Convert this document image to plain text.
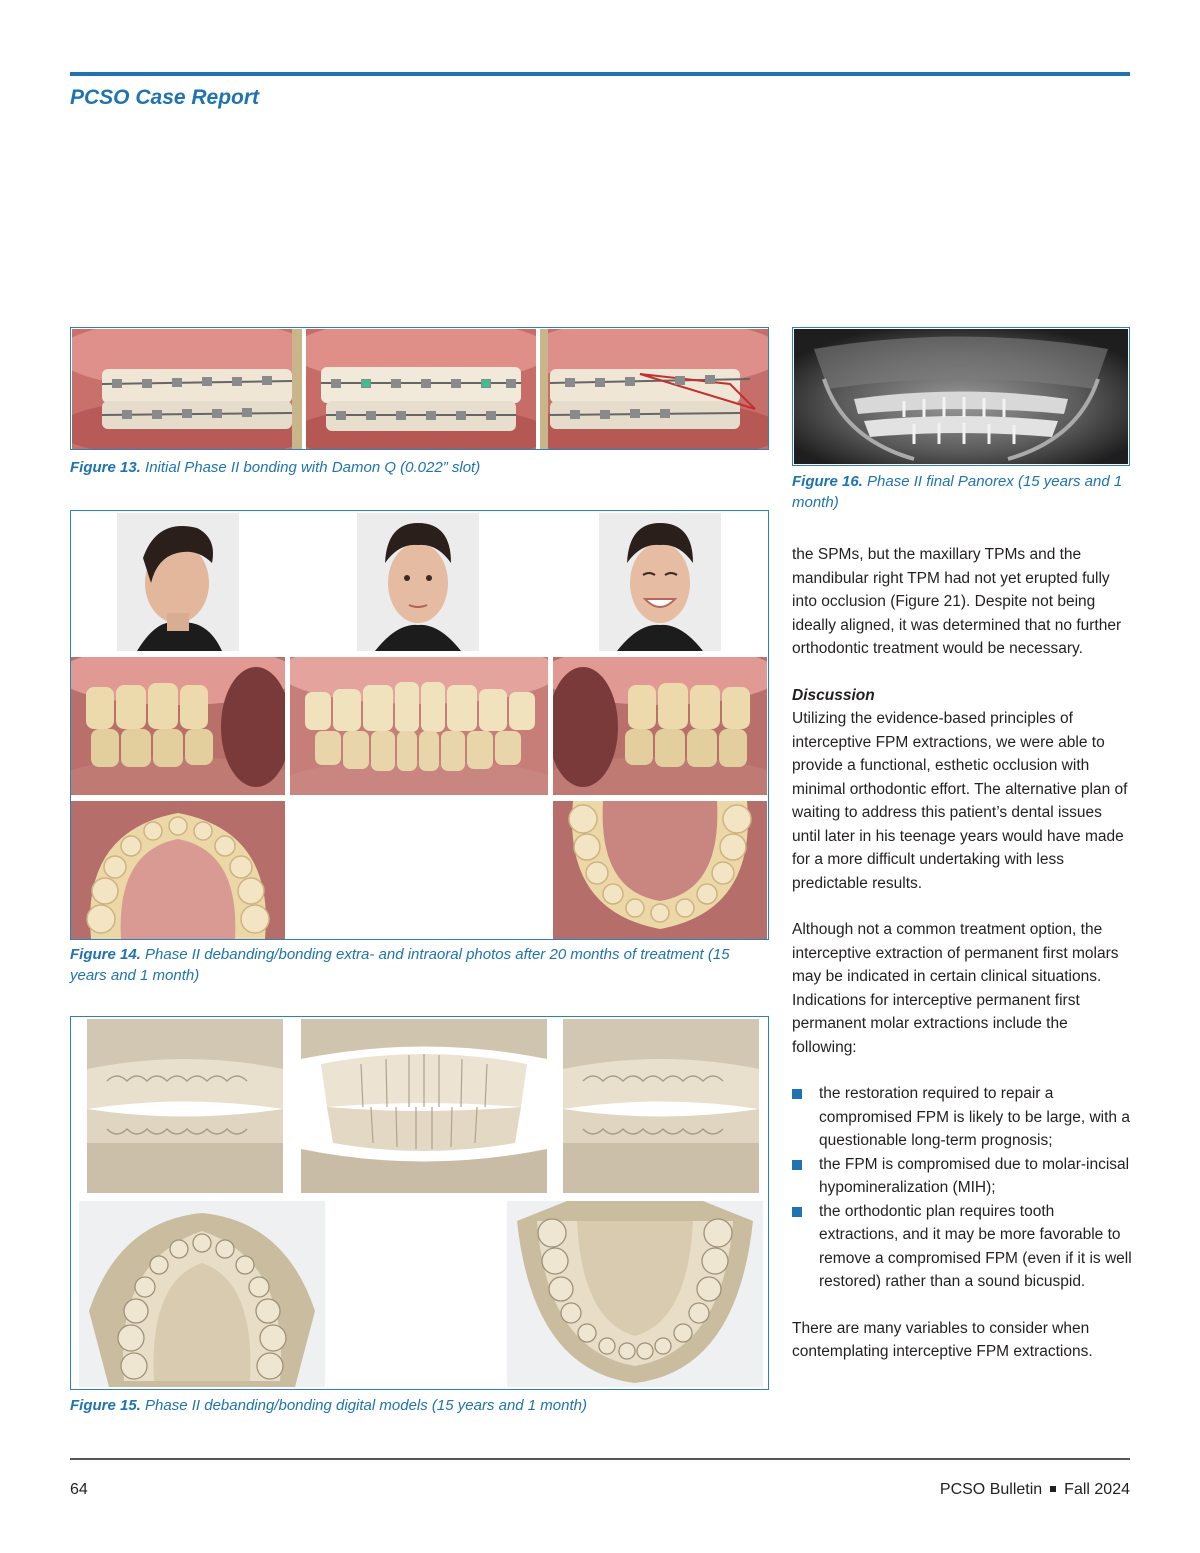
PCSO Case Report
Figure 13. Initial Phase II bonding with Damon Q (0.022” slot)
Figure 16. Phase II final Panorex (15 years and 1 month)
Figure 14. Phase II debanding/bonding extra- and intraoral photos after 20 months of treatment (15 years and 1 month)
Figure 15. Phase II debanding/bonding digital models (15 years and 1 month)

the SPMs, but the maxillary TPMs and the mandibular right TPM had not yet erupted fully into occlusion (Figure 21). Despite not being ideally aligned, it was determined that no further orthodontic treatment would be necessary.

Discussion

Utilizing the evidence-based principles of interceptive FPM extractions, we were able to provide a functional, esthetic occlusion with minimal orthodontic effort. The alternative plan of waiting to address this patient’s dental issues until later in his teenage years would have made for a more difficult undertaking with less predictable results.

Although not a common treatment option, the interceptive extraction of permanent first molars may be indicated in certain clinical situations. Indications for interceptive permanent first permanent molar extractions include the following:

the restoration required to repair a compromised FPM is likely to be large, with a questionable long-term prognosis;
the FPM is compromised due to molar-incisal hypomineralization (MIH);
the orthodontic plan requires tooth extractions, and it may be more favorable to remove a compromised FPM (even if it is well restored) rather than a sound bicuspid.

There are many variables to consider when contemplating interceptive FPM extractions.

64	PCSO Bulletin Fall 2024
